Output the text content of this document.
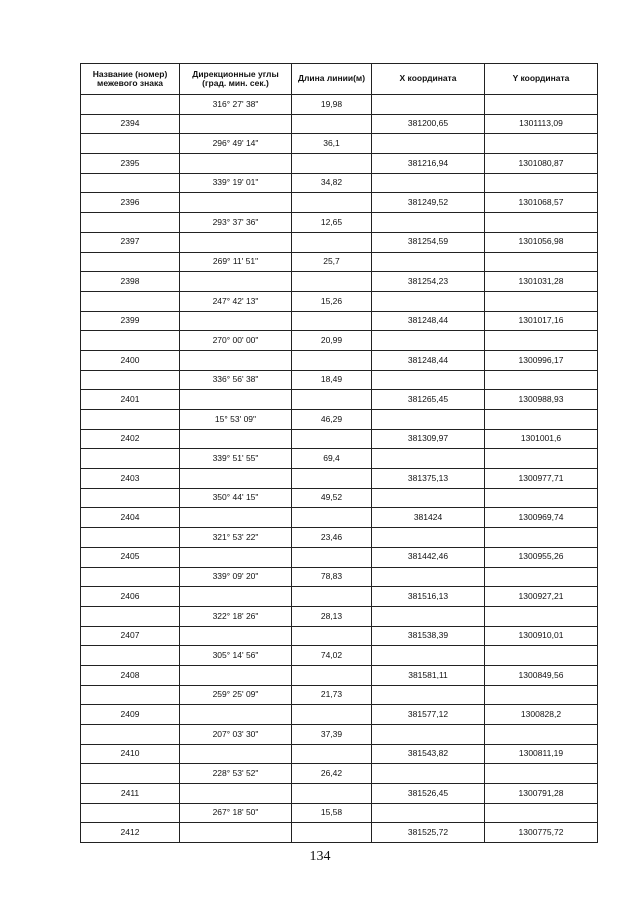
Название (номер) межевого знака	Дирекционные углы (град. мин. сек.)	Длина линии(м)	X координата	Y координата
	316° 27' 38"	19,98		
2394			381200,65	1301113,09
	296° 49' 14"	36,1		
2395			381216,94	1301080,87
	339° 19' 01"	34,82		
2396			381249,52	1301068,57
	293° 37' 36"	12,65		
2397			381254,59	1301056,98
	269° 11' 51"	25,7		
2398			381254,23	1301031,28
	247° 42' 13"	15,26		
2399			381248,44	1301017,16
	270° 00' 00"	20,99		
2400			381248,44	1300996,17
	336° 56' 38"	18,49		
2401			381265,45	1300988,93
	15° 53' 09"	46,29		
2402			381309,97	1301001,6
	339° 51' 55"	69,4		
2403			381375,13	1300977,71
	350° 44' 15"	49,52		
2404			381424	1300969,74
	321° 53' 22"	23,46		
2405			381442,46	1300955,26
	339° 09' 20"	78,83		
2406			381516,13	1300927,21
	322° 18' 26"	28,13		
2407			381538,39	1300910,01
	305° 14' 56"	74,02		
2408			381581,11	1300849,56
	259° 25' 09"	21,73		
2409			381577,12	1300828,2
	207° 03' 30"	37,39		
2410			381543,82	1300811,19
	228° 53' 52"	26,42		
2411			381526,45	1300791,28
	267° 18' 50"	15,58		
2412			381525,72	1300775,72
134
